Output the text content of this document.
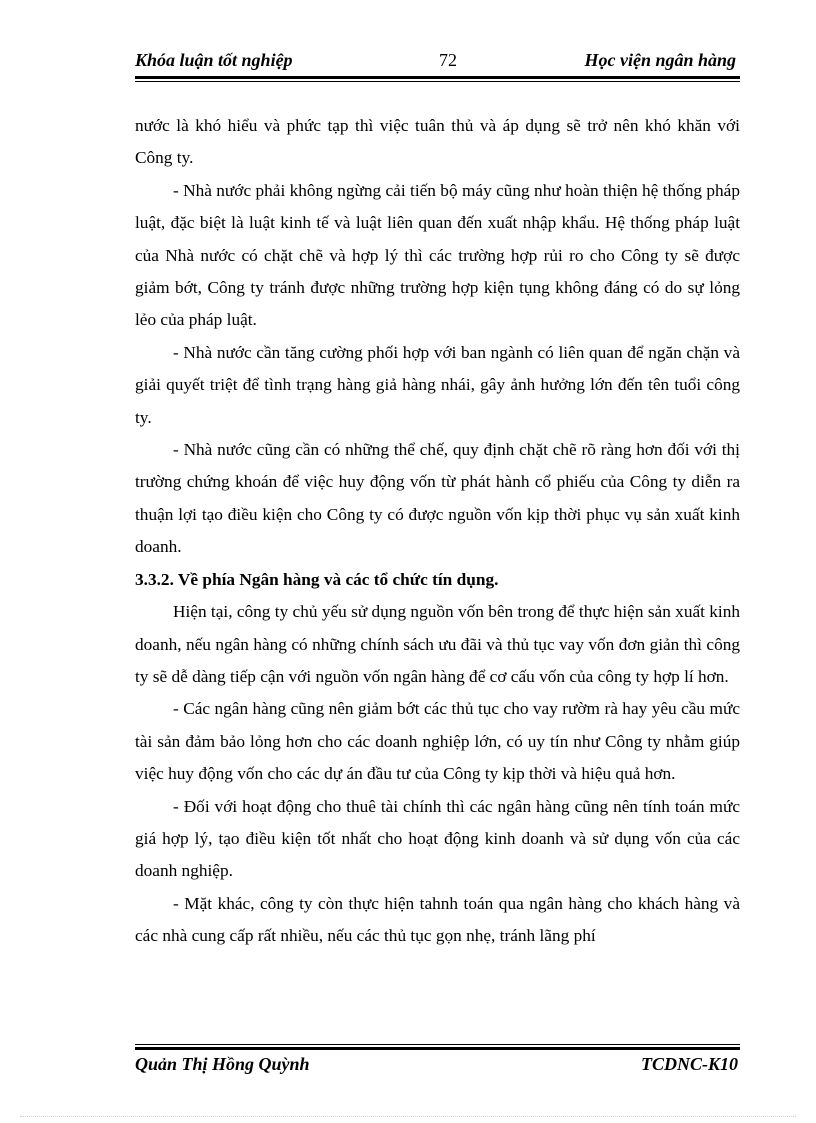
Khóa luận tốt nghiệp	72	Học viện ngân hàng

nước là khó hiểu và phức tạp thì việc tuân thủ và áp dụng sẽ trở nên khó khăn với Công ty.

- Nhà nước phải không ngừng cải tiến bộ máy cũng như hoàn thiện hệ thống pháp luật, đặc biệt là luật kinh tế và luật liên quan đến xuất nhập khẩu. Hệ thống pháp luật của Nhà nước có chặt chẽ và hợp lý thì các trường hợp rủi ro cho Công ty sẽ được giảm bớt, Công ty tránh được những trường hợp kiện tụng không đáng có do sự lỏng lẻo của pháp luật.

- Nhà nước cần tăng cường phối hợp với ban ngành có liên quan để ngăn chặn và giải quyết triệt để tình trạng hàng giả hàng nhái, gây ảnh hưởng lớn đến tên tuổi công ty.

- Nhà nước cũng cần có những thể chế, quy định chặt chẽ rõ ràng hơn đối với thị trường chứng khoán để việc huy động vốn từ phát hành cổ phiếu của Công ty diễn ra thuận lợi tạo điều kiện cho Công ty có được nguồn vốn kịp thời phục vụ sản xuất kinh doanh.

3.3.2. Về phía Ngân hàng và các tổ chức tín dụng.

Hiện tại, công ty chủ yếu sử dụng nguồn vốn bên trong để thực hiện sản xuất kinh doanh, nếu ngân hàng có những chính sách ưu đãi và thủ tục vay vốn đơn giản thì công ty sẽ dễ dàng tiếp cận với nguồn vốn ngân hàng để cơ cấu vốn của công ty hợp lí hơn.

- Các ngân hàng cũng nên giảm bớt các thủ tục cho vay rườm rà hay yêu cầu mức tài sản đảm bảo lỏng hơn cho các doanh nghiệp lớn, có uy tín như Công ty nhằm giúp việc huy động vốn cho các dự án đầu tư của Công ty kịp thời và hiệu quả hơn.

- Đối với hoạt động cho thuê tài chính thì các ngân hàng cũng nên tính toán mức giá hợp lý, tạo điều kiện tốt nhất cho hoạt động kinh doanh và sử dụng vốn của các doanh nghiệp.

- Mặt khác, công ty còn thực hiện tahnh toán qua ngân hàng cho khách hàng và các nhà cung cấp rất nhiều, nếu các thủ tục gọn nhẹ, tránh lãng phí

Quản Thị Hồng Quỳnh	TCDNC-K10
